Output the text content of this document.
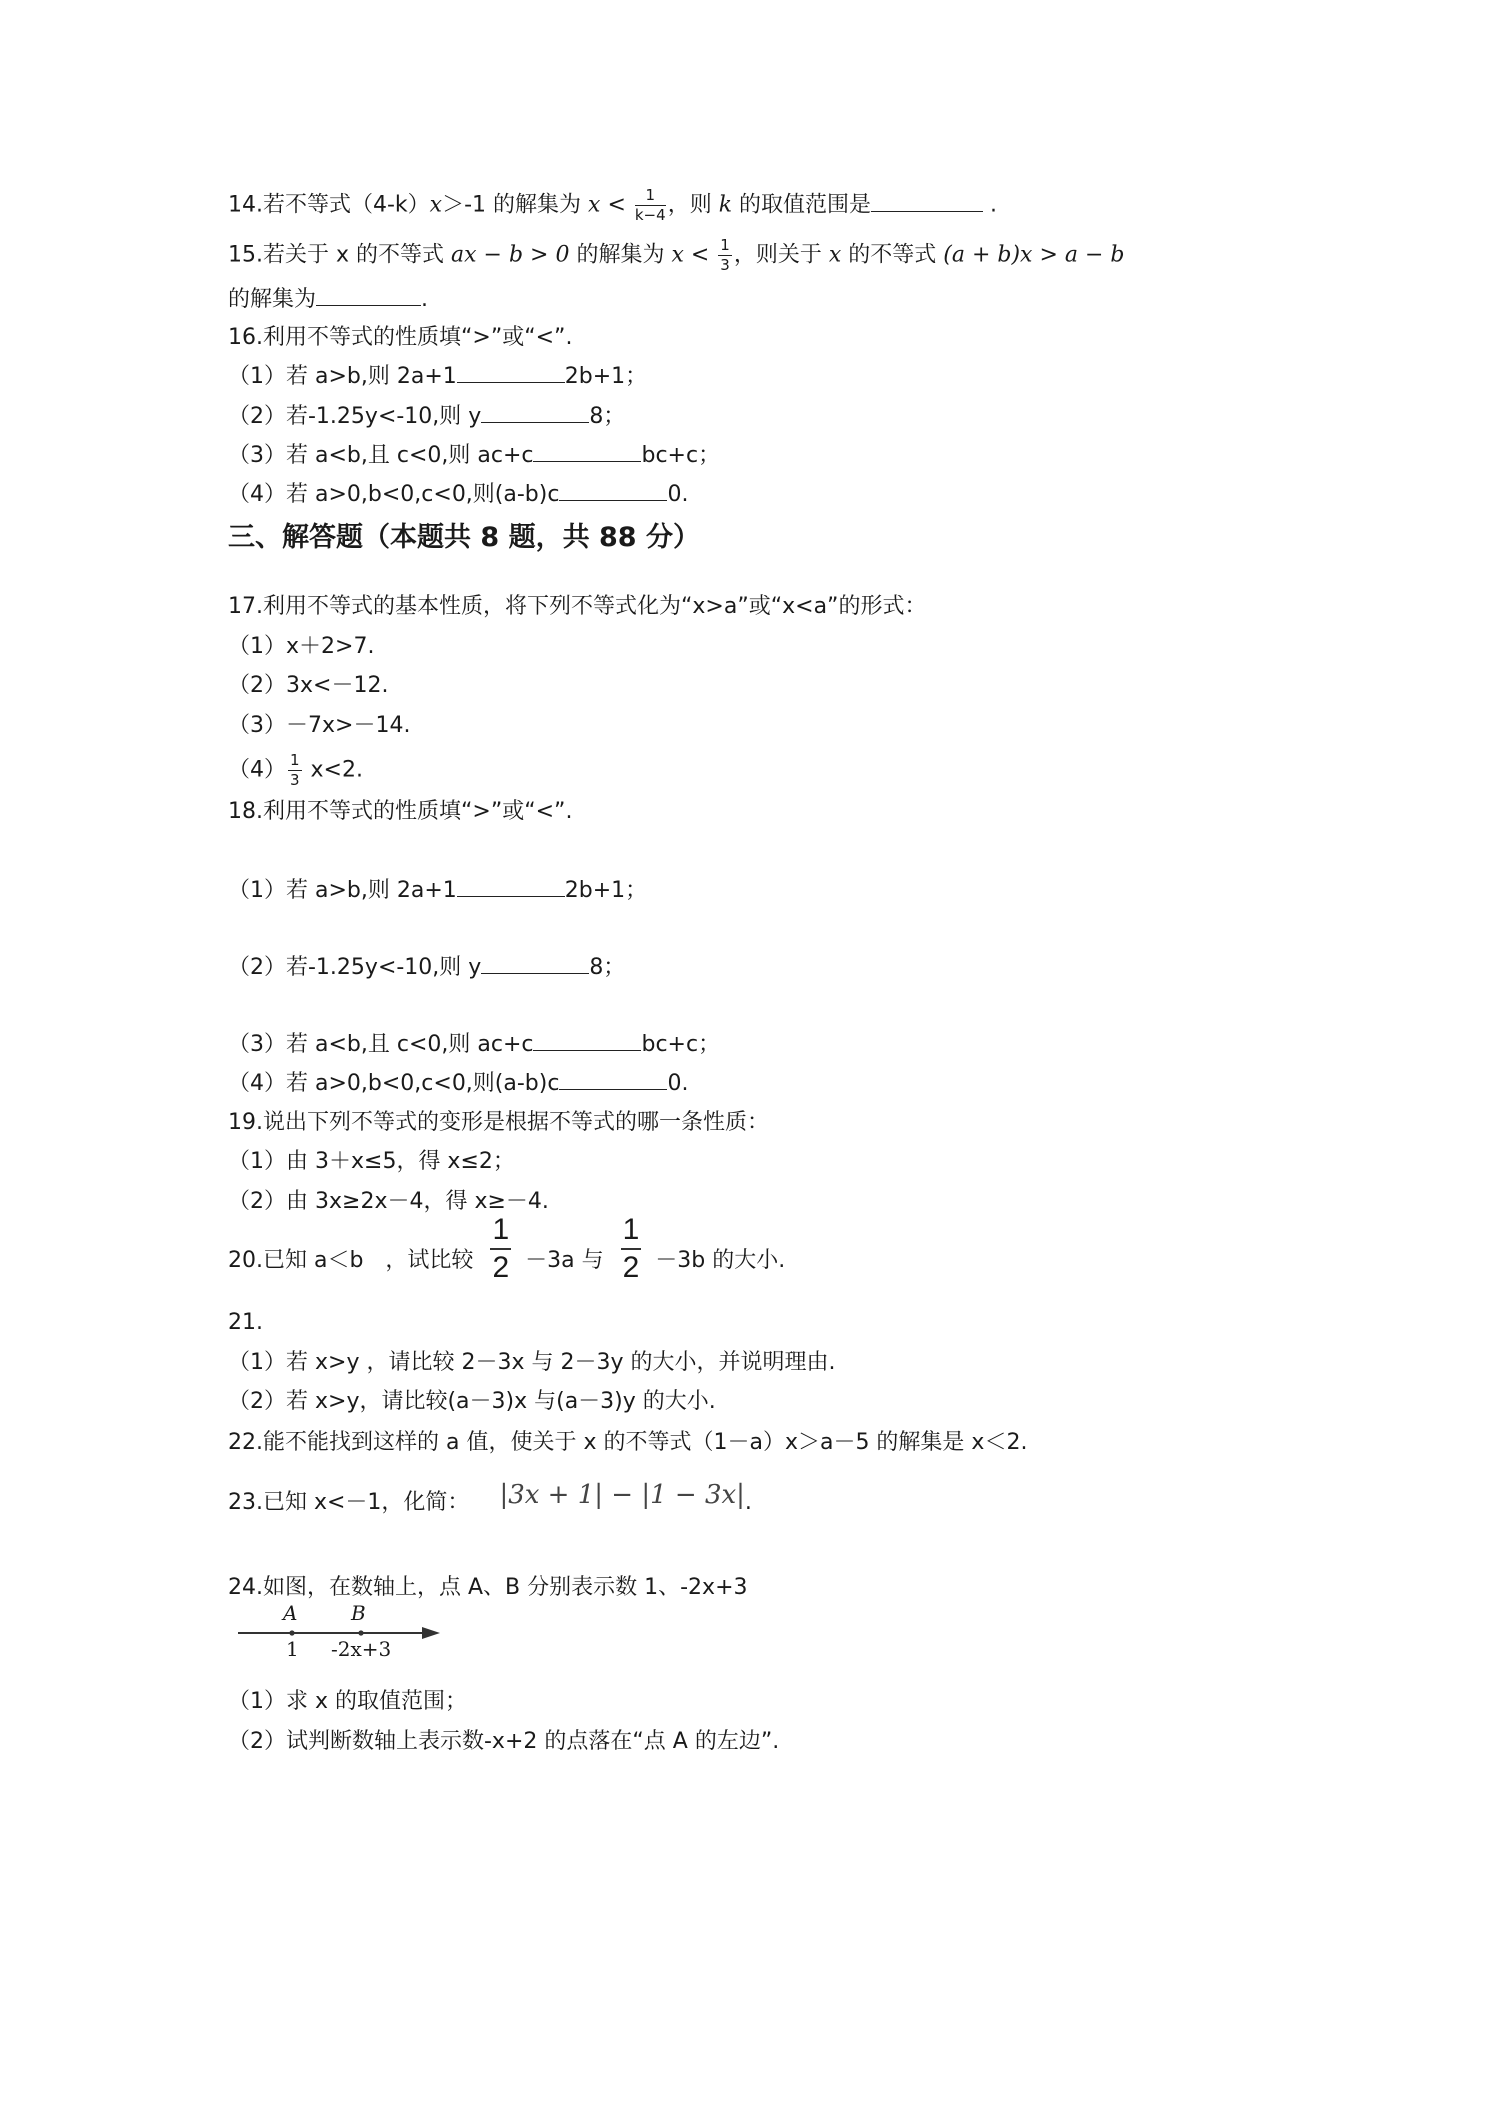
14.若不等式（4-k）x＞-1 的解集为 $x < \frac{1}{k-4}$ ，则 k 的取值范围是	.
15.若关于 x 的不等式 ax − b > 0 的解集为 $x < \frac{1}{3}$ ，则关于 x 的不等式 (a + b)x > a − b
的解集为	.
16.利用不等式的性质填“>”或“<”.
（1）若 a>b,则 2a+1	2b+1；
（2）若-1.25y<-10,则 y	8；
（3）若 a<b,且 c<0,则 ac+c	bc+c；
（4）若 a>0,b<0,c<0,则(a-b)c	0.
三、解答题（本题共 8 题，共 88 分）
17.利用不等式的基本性质，将下列不等式化为“x>a”或“x<a”的形式：
（1）x＋2>7.
（2）3x<－12.
（3）－7x>－14.
$(4) \frac{1}{3} x<2$.
18.利用不等式的性质填“>”或“<”.
（1）若 a>b,则 2a+1	2b+1；
（2）若-1.25y<-10,则 y	8；
（3）若 a<b,且 c<0,则 ac+c	bc+c；
（4）若 a>0,b<0,c<0,则(a-b)c	0.
19.说出下列不等式的变形是根据不等式的哪一条性质：
（1）由 3＋x≤5，得 x≤2；
（2）由 3x≥2x－4，得 x≥－4.
20.已知 a＜b　，试比较 $\frac{1}{2} -3a$ 与 $\frac{1}{2} -3b$ 的大小.
21.
（1）若 x>y ，请比较 2－3x 与 2－3y 的大小，并说明理由.
（2）若 x>y，请比较(a－3)x 与(a－3)y 的大小.
22.能不能找到这样的 a 值，使关于 x 的不等式（1－a）x＞a－5 的解集是 x＜2.
23.已知 x<－1，化简： |3x + 1| − |1 − 3x|.
24.如图，在数轴上，点 A、B 分别表示数 1、-2x+3
A	B
1 -2x+3
（1）求 x 的取值范围；
（2）试判断数轴上表示数-x+2 的点落在“点 A 的左边”.
